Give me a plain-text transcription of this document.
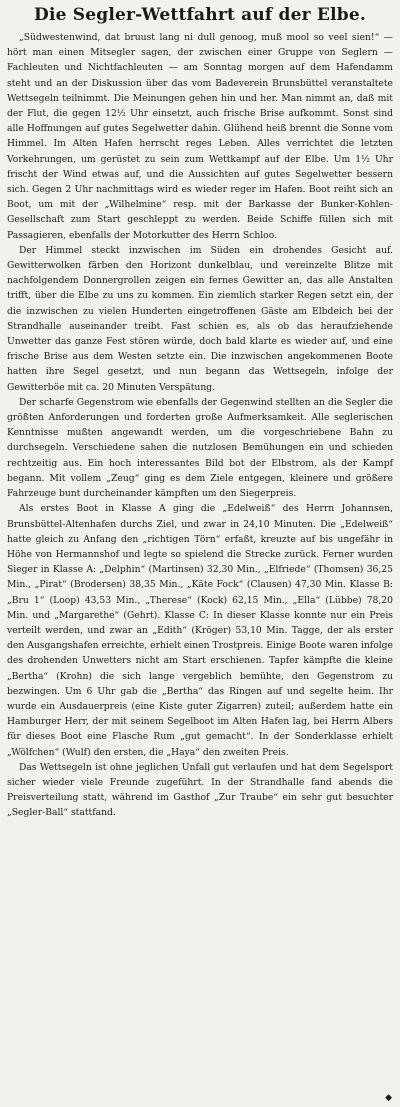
Die Segler-Wettfahrt auf der Elbe.

„Südwestenwind, dat bruust lang ni dull genoog, muß mool so veel sien!“ —hört man einen Mitsegler sagen, der zwischen einer Gruppe von Seglern — Fachleuten und Nichtfachleuten — am Sonntag morgen auf dem Hafendamm steht und an der Diskussion über das vom Badeverein Brunsbüttel veranstaltete Wettsegeln teilnimmt. Die Meinungen gehen hin und her. Man nimmt an, daß mit der Flut, die gegen 12½ Uhr einsetzt, auch frische Brise aufkommt. Sonst sind alle Hoffnungen auf gutes Segelwetter dahin. Glühend heiß brennt die Sonne vom Himmel. Im Alten Hafen herrscht reges Leben. Alles verrichtet die letzten Vorkehrungen, um gerüstet zu sein zum Wettkampf auf der Elbe. Um 1½ Uhr frischt der Wind etwas auf, und die Aussichten auf gutes Segelwetter bessern sich. Gegen 2 Uhr nachmittags wird es wieder reger im Hafen. Boot reiht sich an Boot, um mit der „Wilhelmine“ resp. mit der Barkasse der Bunker-Kohlen-Gesellschaft zum Start geschleppt zu werden. Beide Schiffe füllen sich mit Passagieren, ebenfalls der Motorkutter des Herrn Schloo.

Der Himmel steckt inzwischen im Süden ein drohendes Gesicht auf. Gewitterwolken färben den Horizont dunkelblau, und vereinzelte Blitze mit nachfolgendem Donnergrollen zeigen ein fernes Gewitter an, das alle Anstalten trifft, über die Elbe zu uns zu kommen. Ein ziemlich starker Regen setzt ein, der die inzwischen zu vielen Hunderten eingetroffenen Gäste am Elbdeich bei der Strandhalle auseinander treibt. Fast schien es, als ob das heraufziehende Unwetter das ganze Fest stören würde, doch bald klarte es wieder auf, und eine frische Brise aus dem Westen setzte ein. Die inzwischen angekommenen Boote hatten ihre Segel gesetzt, und nun begann das Wettsegeln, infolge der Gewitterböe mit ca. 20 Minuten Verspätung.

Der scharfe Gegenstrom wie ebenfalls der Gegenwind stellten an die Segler die größten Anforderungen und forderten große Aufmerksamkeit. Alle seglerischen Kenntnisse mußten angewandt werden, um die vorgeschriebene Bahn zu durchsegeln. Verschiedene sahen die nutzlosen Bemühungen ein und schieden rechtzeitig aus. Ein hoch interessantes Bild bot der Elbstrom, als der Kampf begann. Mit vollem „Zeug“ ging es dem Ziele entgegen, kleinere und größere Fahrzeuge bunt durcheinander kämpften um den Siegerpreis.

Als erstes Boot in Klasse A ging die „Edelweiß“ des Herrn Johannsen, Brunsbüttel-Altenhafen durchs Ziel, und zwar in 24,10 Minuten. Die „Edelweiß“ hatte gleich zu Anfang den „richtigen Törn“ erfaßt, kreuzte auf bis ungefähr in Höhe von Hermannshof und legte so spielend die Strecke zurück. Ferner wurden Sieger in Klasse A: „Delphin“ (Martinsen) 32,30 Min., „Elfriede“ (Thomsen) 36,25 Min., „Pirat“ (Brodersen) 38,35 Min., „Käte Fock“ (Clausen) 47,30 Min. Klasse B: „Bru 1“ (Loop) 43,53 Min., „Therese“ (Kock) 62,15 Min., „Ella“ (Lübbe) 78,20 Min. und „Margarethe“ (Gehrt). Klasse C: In dieser Klasse konnte nur ein Preis verteilt werden, und zwar an „Edith“ (Kröger) 53,10 Min. Tagge, der als erster den Ausgangshafen erreichte, erhielt einen Trostpreis. Einige Boote waren infolge des drohenden Unwetters nicht am Start erschienen. Tapfer kämpfte die kleine „Bertha“ (Krohn) die sich lange vergeblich bemühte, den Gegenstrom zu bezwingen. Um 6 Uhr gab die „Bertha“ das Ringen auf und segelte heim. Ihr wurde ein Ausdauerpreis (eine Kiste guter Zigarren) zuteil; außerdem hatte ein Hamburger Herr, der mit seinem Segelboot im Alten Hafen lag, bei Herrn Albers für dieses Boot eine Flasche Rum „gut gemacht“. In der Sonderklasse erhielt „Wölfchen“ (Wulf) den ersten, die „Haya“ den zweiten Preis.

Das Wettsegeln ist ohne jeglichen Unfall gut verlaufen und hat dem Segelsport sicher wieder viele Freunde zugeführt. In der Strandhalle fand abends die Preisverteilung statt, während im Gasthof „Zur Traube“ ein sehr gut besuchter „Segler-Ball“ stattfand.

◆
